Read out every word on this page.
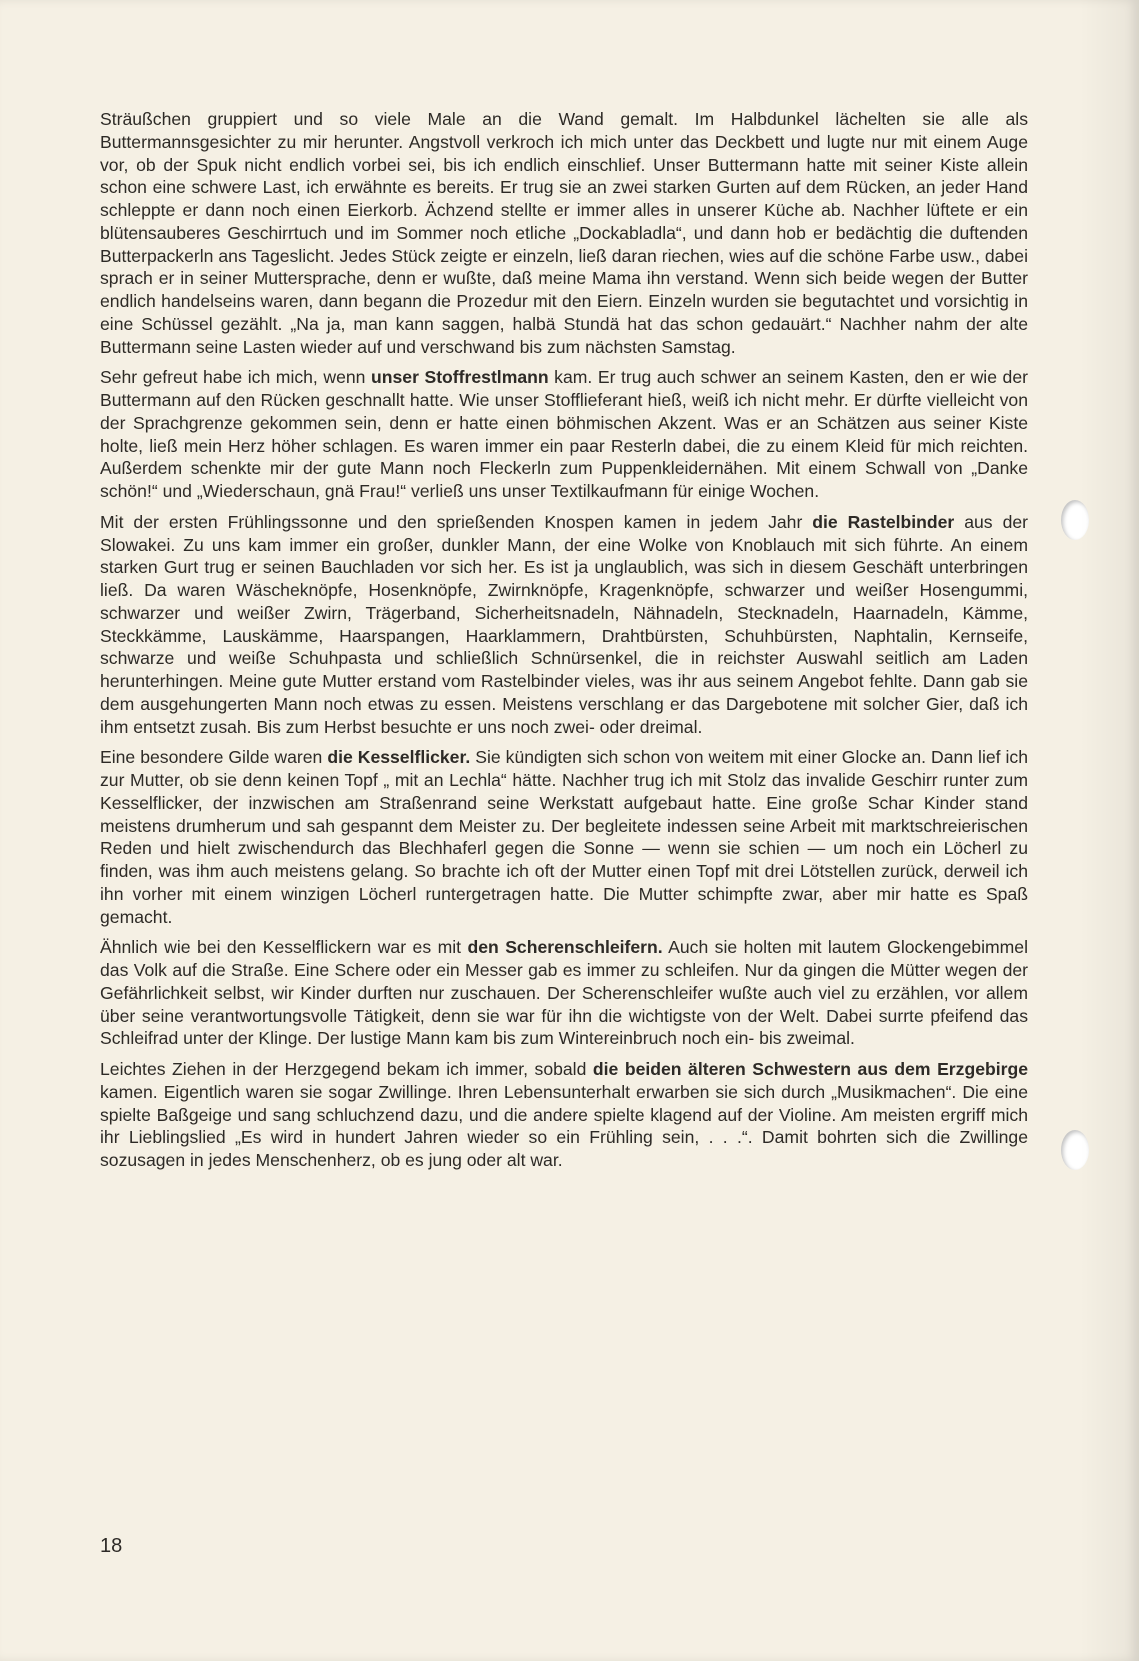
Sträußchen gruppiert und so viele Male an die Wand gemalt. Im Halbdunkel lächelten sie alle als Buttermannsgesichter zu mir herunter. Angstvoll verkroch ich mich unter das Deckbett und lugte nur mit einem Auge vor, ob der Spuk nicht endlich vorbei sei, bis ich endlich einschlief. Unser Buttermann hatte mit seiner Kiste allein schon eine schwere Last, ich erwähnte es bereits. Er trug sie an zwei starken Gurten auf dem Rücken, an jeder Hand schleppte er dann noch einen Eierkorb. Ächzend stellte er immer alles in unserer Küche ab. Nachher lüftete er ein blütensauberes Geschirrtuch und im Sommer noch etliche „Dockabladla“, und dann hob er bedächtig die duftenden Butterpackerln ans Tageslicht. Jedes Stück zeigte er einzeln, ließ daran riechen, wies auf die schöne Farbe usw., dabei sprach er in seiner Muttersprache, denn er wußte, daß meine Mama ihn verstand. Wenn sich beide wegen der Butter endlich handelseins waren, dann begann die Prozedur mit den Eiern. Einzeln wurden sie begutachtet und vorsichtig in eine Schüssel gezählt. „Na ja, man kann saggen, halbä Stundä hat das schon gedauärt.“ Nachher nahm der alte Buttermann seine Lasten wieder auf und verschwand bis zum nächsten Samstag.

Sehr gefreut habe ich mich, wenn unser Stoffrestlmann kam. Er trug auch schwer an seinem Kasten, den er wie der Buttermann auf den Rücken geschnallt hatte. Wie unser Stofflieferant hieß, weiß ich nicht mehr. Er dürfte vielleicht von der Sprachgrenze gekommen sein, denn er hatte einen böhmischen Akzent. Was er an Schätzen aus seiner Kiste holte, ließ mein Herz höher schlagen. Es waren immer ein paar Resterln dabei, die zu einem Kleid für mich reichten. Außerdem schenkte mir der gute Mann noch Fleckerln zum Puppenkleidernähen. Mit einem Schwall von „Danke schön!“ und „Wiederschaun, gnä Frau!“ verließ uns unser Textilkaufmann für einige Wochen.

Mit der ersten Frühlingssonne und den sprießenden Knospen kamen in jedem Jahr die Rastelbinder aus der Slowakei. Zu uns kam immer ein großer, dunkler Mann, der eine Wolke von Knoblauch mit sich führte. An einem starken Gurt trug er seinen Bauchladen vor sich her. Es ist ja unglaublich, was sich in diesem Geschäft unterbringen ließ. Da waren Wäscheknöpfe, Hosenknöpfe, Zwirnknöpfe, Kragenknöpfe, schwarzer und weißer Hosengummi, schwarzer und weißer Zwirn, Trägerband, Sicherheitsnadeln, Nähnadeln, Stecknadeln, Haarnadeln, Kämme, Steckkämme, Lauskämme, Haarspangen, Haarklammern, Drahtbürsten, Schuhbürsten, Naphtalin, Kernseife, schwarze und weiße Schuhpasta und schließlich Schnürsenkel, die in reichster Auswahl seitlich am Laden herunterhingen. Meine gute Mutter erstand vom Rastelbinder vieles, was ihr aus seinem Angebot fehlte. Dann gab sie dem ausgehungerten Mann noch etwas zu essen. Meistens verschlang er das Dargebotene mit solcher Gier, daß ich ihm entsetzt zusah. Bis zum Herbst besuchte er uns noch zwei- oder dreimal.

Eine besondere Gilde waren die Kesselflicker. Sie kündigten sich schon von weitem mit einer Glocke an. Dann lief ich zur Mutter, ob sie denn keinen Topf „ mit an Lechla“ hätte. Nachher trug ich mit Stolz das invalide Geschirr runter zum Kesselflicker, der inzwischen am Straßenrand seine Werkstatt aufgebaut hatte. Eine große Schar Kinder stand meistens drumherum und sah gespannt dem Meister zu. Der begleitete indessen seine Arbeit mit marktschreierischen Reden und hielt zwischendurch das Blechhaferl gegen die Sonne — wenn sie schien — um noch ein Löcherl zu finden, was ihm auch meistens gelang. So brachte ich oft der Mutter einen Topf mit drei Lötstellen zurück, derweil ich ihn vorher mit einem winzigen Löcherl runtergetragen hatte. Die Mutter schimpfte zwar, aber mir hatte es Spaß gemacht.

Ähnlich wie bei den Kesselflickern war es mit den Scherenschleifern. Auch sie holten mit lautem Glockengebimmel das Volk auf die Straße. Eine Schere oder ein Messer gab es immer zu schleifen. Nur da gingen die Mütter wegen der Gefährlichkeit selbst, wir Kinder durften nur zuschauen. Der Scherenschleifer wußte auch viel zu erzählen, vor allem über seine verantwortungsvolle Tätigkeit, denn sie war für ihn die wichtigste von der Welt. Dabei surrte pfeifend das Schleifrad unter der Klinge. Der lustige Mann kam bis zum Wintereinbruch noch ein- bis zweimal.

Leichtes Ziehen in der Herzgegend bekam ich immer, sobald die beiden älteren Schwestern aus dem Erzgebirge kamen. Eigentlich waren sie sogar Zwillinge. Ihren Lebensunterhalt erwarben sie sich durch „Musikmachen“. Die eine spielte Baßgeige und sang schluchzend dazu, und die andere spielte klagend auf der Violine. Am meisten ergriff mich ihr Lieblingslied „Es wird in hundert Jahren wieder so ein Frühling sein, . . .“. Damit bohrten sich die Zwillinge sozusagen in jedes Menschenherz, ob es jung oder alt war.

18
